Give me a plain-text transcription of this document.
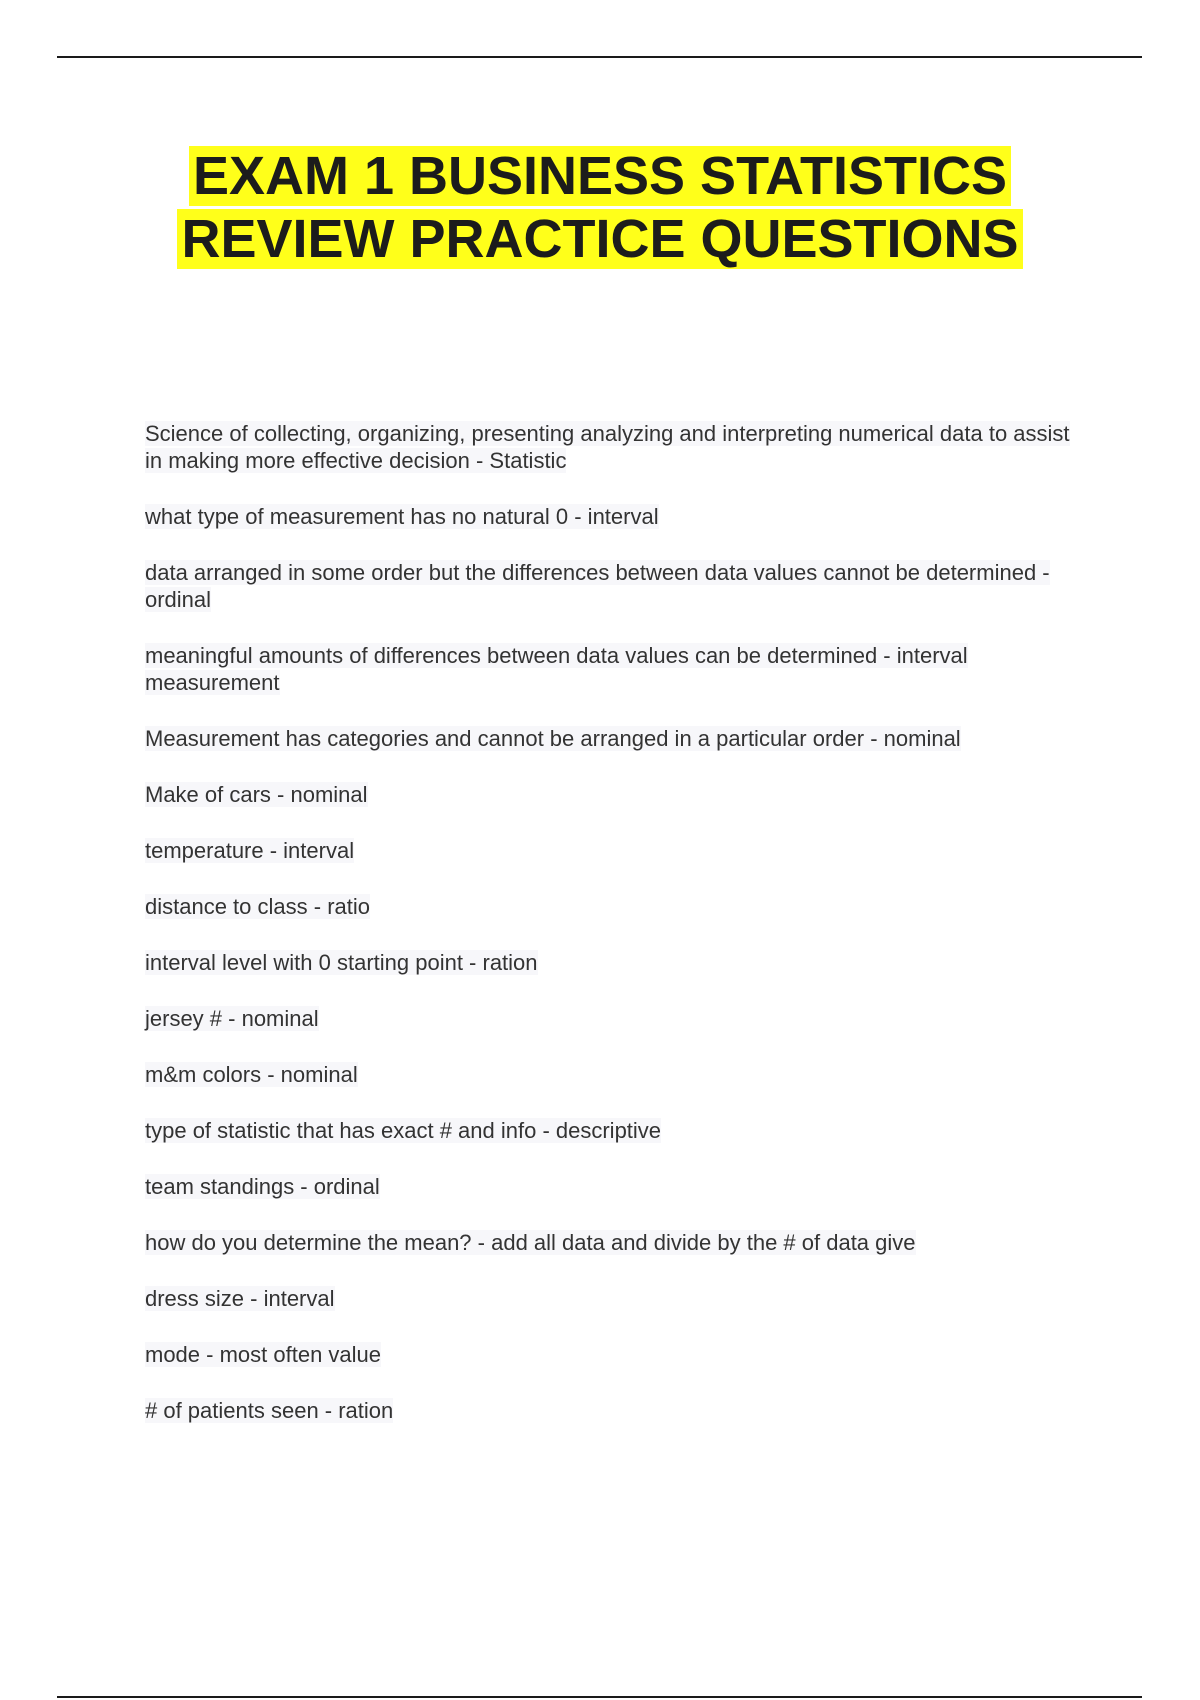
EXAM 1 BUSINESS STATISTICS
REVIEW PRACTICE QUESTIONS
Science of collecting, organizing, presenting analyzing and interpreting numerical data to assist in making more effective decision - Statistic
what type of measurement has no natural 0 - interval
data arranged in some order but the differences between data values cannot be determined - ordinal
meaningful amounts of differences between data values can be determined - interval measurement
Measurement has categories and cannot be arranged in a particular order - nominal
Make of cars - nominal
temperature - interval
distance to class - ratio
interval level with 0 starting point - ration
jersey # - nominal
m&m colors - nominal
type of statistic that has exact # and info - descriptive
team standings - ordinal
how do you determine the mean? - add all data and divide by the # of data give
dress size - interval
mode - most often value
# of patients seen - ration
